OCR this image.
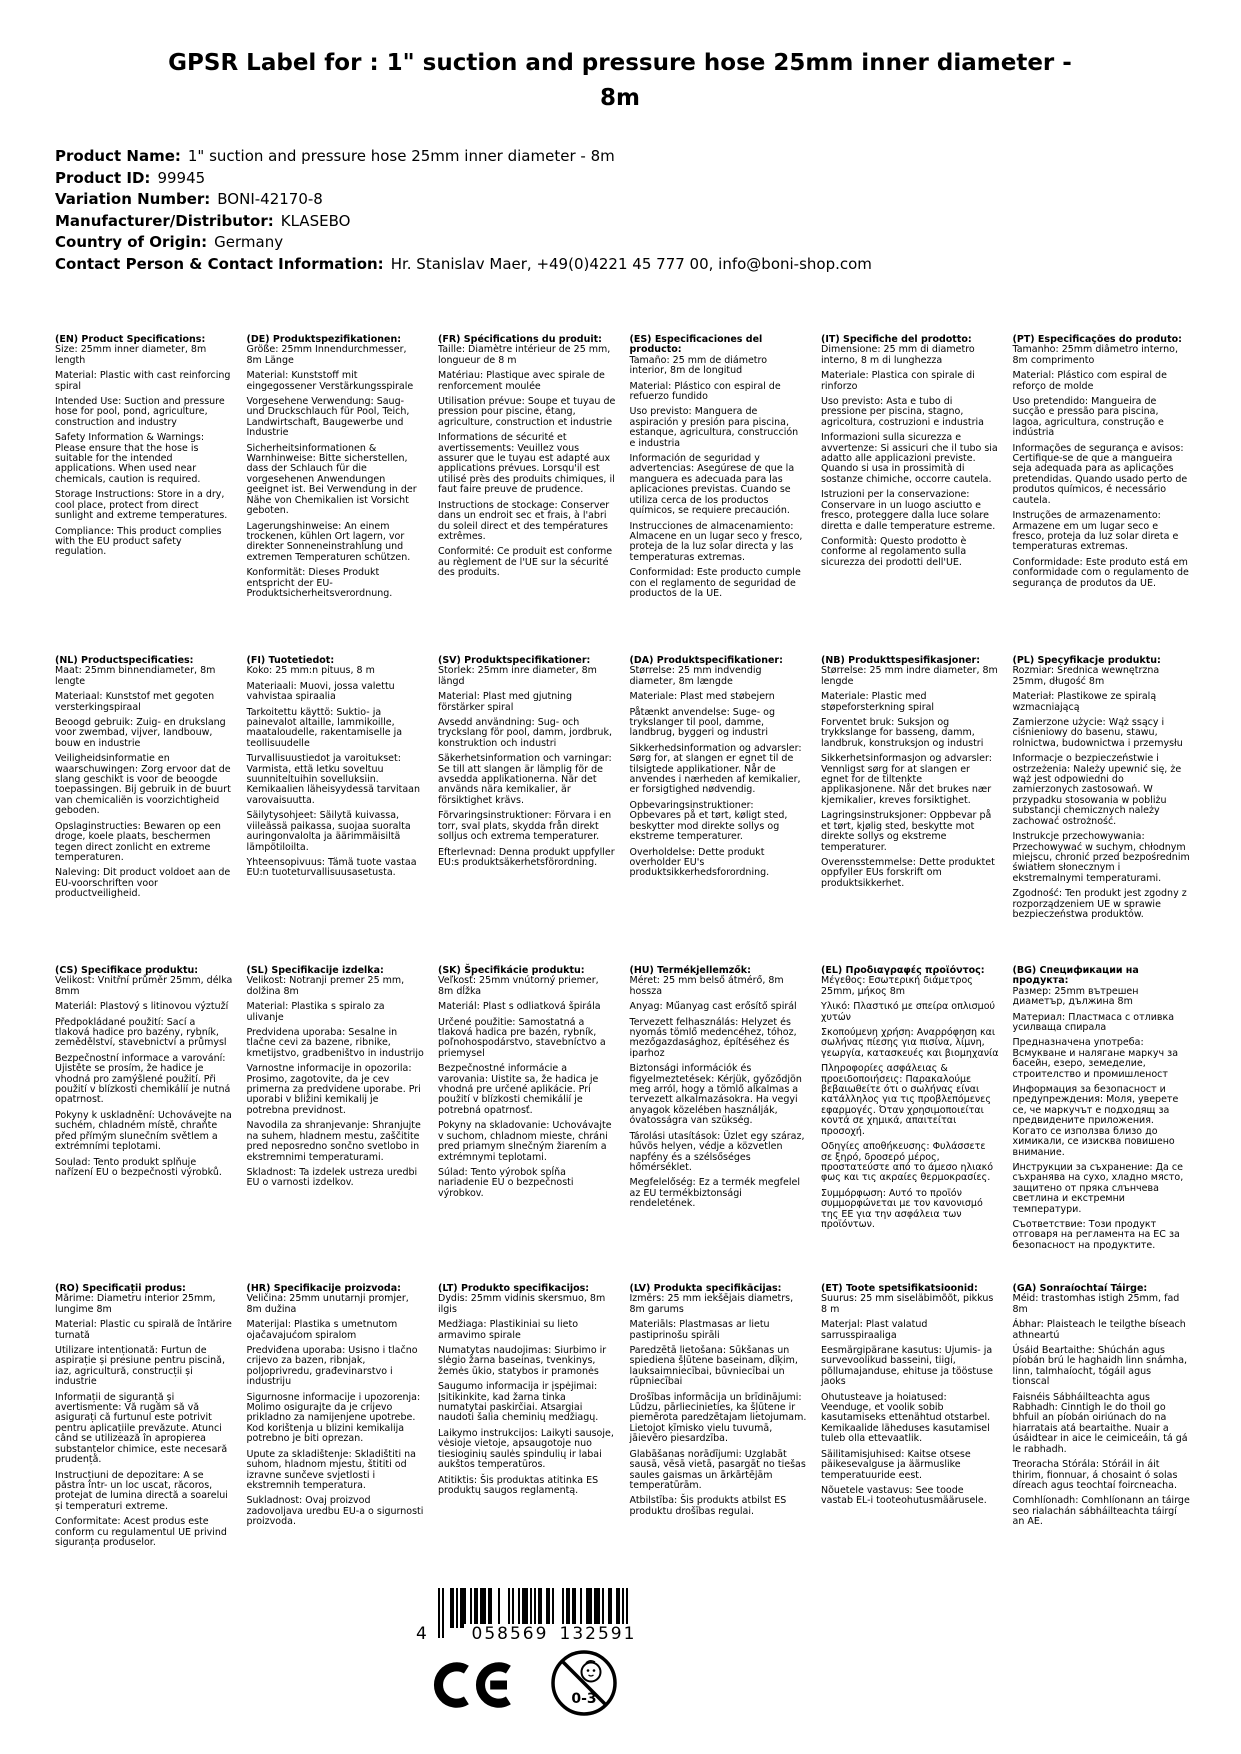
GPSR Label for : 1" suction and pressure hose 25mm inner diameter - 8m
Product Name: 1" suction and pressure hose 25mm inner diameter - 8m
Product ID: 99945
Variation Number: BONI-42170-8
Manufacturer/Distributor: KLASEBO
Country of Origin: Germany
Contact Person & Contact Information: Hr. Stanislav Maer, +49(0)4221 45 777 00, info@boni-shop.com
(EN) Product Specifications:

Size: 25mm inner diameter, 8m length

Material: Plastic with cast reinforcing spiral

Intended Use: Suction and pressure hose for pool, pond, agriculture, construction and industry

Safety Information & Warnings: Please ensure that the hose is suitable for the intended applications. When used near chemicals, caution is required.

Storage Instructions: Store in a dry, cool place, protect from direct sunlight and extreme temperatures.

Compliance: This product complies with the EU product safety regulation.

(DE) Produktspezifikationen:

Größe: 25mm Innendurchmesser, 8m Länge

Material: Kunststoff mit eingegossener Verstärkungsspirale

Vorgesehene Verwendung: Saug- und Druckschlauch für Pool, Teich, Landwirtschaft, Baugewerbe und Industrie

Sicherheitsinformationen & Warnhinweise: Bitte sicherstellen, dass der Schlauch für die vorgesehenen Anwendungen geeignet ist. Bei Verwendung in der Nähe von Chemikalien ist Vorsicht geboten.

Lagerungshinweise: An einem trockenen, kühlen Ort lagern, vor direkter Sonneneinstrahlung und extremen Temperaturen schützen.

Konformität: Dieses Produkt entspricht der EU-Produktsicherheitsverordnung.

(FR) Spécifications du produit:

Taille: Diamètre intérieur de 25 mm, longueur de 8 m

Matériau: Plastique avec spirale de renforcement moulée

Utilisation prévue: Soupe et tuyau de pression pour piscine, étang, agriculture, construction et industrie

Informations de sécurité et avertissements: Veuillez vous assurer que le tuyau est adapté aux applications prévues. Lorsqu'il est utilisé près des produits chimiques, il faut faire preuve de prudence.

Instructions de stockage: Conserver dans un endroit sec et frais, à l'abri du soleil direct et des températures extrêmes.

Conformité: Ce produit est conforme au règlement de l'UE sur la sécurité des produits.

(ES) Especificaciones del producto:

Tamaño: 25 mm de diámetro interior, 8m de longitud

Material: Plástico con espiral de refuerzo fundido

Uso previsto: Manguera de aspiración y presión para piscina, estanque, agricultura, construcción e industria

Información de seguridad y advertencias: Asegúrese de que la manguera es adecuada para las aplicaciones previstas. Cuando se utiliza cerca de los productos químicos, se requiere precaución.

Instrucciones de almacenamiento: Almacene en un lugar seco y fresco, proteja de la luz solar directa y las temperaturas extremas.

Conformidad: Este producto cumple con el reglamento de seguridad de productos de la UE.

(IT) Specifiche del prodotto:

Dimensione: 25 mm di diametro interno, 8 m di lunghezza

Materiale: Plastica con spirale di rinforzo

Uso previsto: Asta e tubo di pressione per piscina, stagno, agricoltura, costruzioni e industria

Informazioni sulla sicurezza e avvertenze: Si assicuri che il tubo sia adatto alle applicazioni previste. Quando si usa in prossimità di sostanze chimiche, occorre cautela.

Istruzioni per la conservazione: Conservare in un luogo asciutto e fresco, proteggere dalla luce solare diretta e dalle temperature estreme.

Conformità: Questo prodotto è conforme al regolamento sulla sicurezza dei prodotti dell'UE.

(PT) Especificações do produto:

Tamanho: 25mm diâmetro interno, 8m comprimento

Material: Plástico com espiral de reforço de molde

Uso pretendido: Mangueira de sucção e pressão para piscina, lagoa, agricultura, construção e indústria

Informações de segurança e avisos: Certifique-se de que a mangueira seja adequada para as aplicações pretendidas. Quando usado perto de produtos químicos, é necessário cautela.

Instruções de armazenamento: Armazene em um lugar seco e fresco, proteja da luz solar direta e temperaturas extremas.

Conformidade: Este produto está em conformidade com o regulamento de segurança de produtos da UE.

(NL) Productspecificaties:

Maat: 25mm binnendiameter, 8m lengte

Materiaal: Kunststof met gegoten versterkingspiraal

Beoogd gebruik: Zuig- en drukslang voor zwembad, vijver, landbouw, bouw en industrie

Veiligheidsinformatie en waarschuwingen: Zorg ervoor dat de slang geschikt is voor de beoogde toepassingen. Bij gebruik in de buurt van chemicaliën is voorzichtigheid geboden.

Opslaginstructies: Bewaren op een droge, koele plaats, beschermen tegen direct zonlicht en extreme temperaturen.

Naleving: Dit product voldoet aan de EU-voorschriften voor productveiligheid.

(FI) Tuotetiedot:

Koko: 25 mm:n pituus, 8 m

Materiaali: Muovi, jossa valettu vahvistaa spiraalia

Tarkoitettu käyttö: Suktio- ja painevalot altaille, lammikoille, maataloudelle, rakentamiselle ja teollisuudelle

Turvallisuustiedot ja varoitukset: Varmista, että letku soveltuu suunniteltuihin sovelluksiin. Kemikaalien läheisyydessä tarvitaan varovaisuutta.

Säilytysohjeet: Säilytä kuivassa, viileässä paikassa, suojaa suoralta auringonvalolta ja äärimmäisiltä lämpötiloilta.

Yhteensopivuus: Tämä tuote vastaa EU:n tuoteturvallisuusasetusta.

(SV) Produktspecifikationer:

Storlek: 25mm inre diameter, 8m längd

Material: Plast med gjutning förstärker spiral

Avsedd användning: Sug- och tryckslang för pool, damm, jordbruk, konstruktion och industri

Säkerhetsinformation och varningar: Se till att slangen är lämplig för de avsedda applikationerna. När det används nära kemikalier, är försiktighet krävs.

Förvaringsinstruktioner: Förvara i en torr, sval plats, skydda från direkt solljus och extrema temperaturer.

Efterlevnad: Denna produkt uppfyller EU:s produktsäkerhetsförordning.

(DA) Produktspecifikationer:

Størrelse: 25 mm indvendig diameter, 8m længde

Materiale: Plast med støbejern

Påtænkt anvendelse: Suge- og trykslanger til pool, damme, landbrug, byggeri og industri

Sikkerhedsinformation og advarsler: Sørg for, at slangen er egnet til de tilsigtede applikationer. Når de anvendes i nærheden af kemikalier, er forsigtighed nødvendig.

Opbevaringsinstruktioner: Opbevares på et tørt, køligt sted, beskytter mod direkte sollys og ekstreme temperaturer.

Overholdelse: Dette produkt overholder EU's produktsikkerhedsforordning.

(NB) Produkttspesifikasjoner:

Størrelse: 25 mm indre diameter, 8m lengde

Materiale: Plastic med støpeforsterkning spiral

Forventet bruk: Suksjon og trykkslange for basseng, damm, landbruk, konstruksjon og industri

Sikkerhetsinformasjon og advarsler: Vennligst sørg for at slangen er egnet for de tiltenkte applikasjonene. Når det brukes nær kjemikalier, kreves forsiktighet.

Lagringsinstruksjoner: Oppbevar på et tørt, kjølig sted, beskytte mot direkte sollys og ekstreme temperaturer.

Overensstemmelse: Dette produktet oppfyller EUs forskrift om produktsikkerhet.

(PL) Specyfikacje produktu:

Rozmiar: Średnica wewnętrzna 25mm, długość 8m

Materiał: Plastikowe ze spiralą wzmacniającą

Zamierzone użycie: Wąż ssący i ciśnieniowy do basenu, stawu, rolnictwa, budownictwa i przemysłu

Informacje o bezpieczeństwie i ostrzeżenia: Należy upewnić się, że wąż jest odpowiedni do zamierzonych zastosowań. W przypadku stosowania w pobliżu substancji chemicznych należy zachować ostrożność.

Instrukcje przechowywania: Przechowywać w suchym, chłodnym miejscu, chronić przed bezpośrednim światłem słonecznym i ekstremalnymi temperaturami.

Zgodność: Ten produkt jest zgodny z rozporządzeniem UE w sprawie bezpieczeństwa produktów.

(CS) Specifikace produktu:

Velikost: Vnitřní průměr 25mm, délka 8mm

Materiál: Plastový s litinovou výztuží

Předpokládané použití: Sací a tlaková hadice pro bazény, rybník, zemědělství, stavebnictví a průmysl

Bezpečnostní informace a varování: Ujistěte se prosím, že hadice je vhodná pro zamýšlené použití. Při použití v blízkosti chemikálií je nutná opatrnost.

Pokyny k uskladnění: Uchovávejte na suchém, chladném místě, chraňte před přímým slunečním světlem a extrémními teplotami.

Soulad: Tento produkt splňuje nařízení EU o bezpečnosti výrobků.

(SL) Specifikacije izdelka:

Velikost: Notranji premer 25 mm, dolžina 8m

Material: Plastika s spiralo za ulivanje

Predvidena uporaba: Sesalne in tlačne cevi za bazene, ribnike, kmetijstvo, gradbeništvo in industrijo

Varnostne informacije in opozorila: Prosimo, zagotovite, da je cev primerna za predvidene uporabe. Pri uporabi v bližini kemikalij je potrebna previdnost.

Navodila za shranjevanje: Shranjujte na suhem, hladnem mestu, zaščitite pred neposredno sončno svetlobo in ekstremnimi temperaturami.

Skladnost: Ta izdelek ustreza uredbi EU o varnosti izdelkov.

(SK) Špecifikácie produktu:

Veľkosť: 25mm vnútorný priemer, 8m dĺžka

Materiál: Plast s odliatková špirála

Určené použitie: Samostatná a tlaková hadica pre bazén, rybník, poľnohospodárstvo, stavebníctvo a priemysel

Bezpečnostné informácie a varovania: Uistite sa, že hadica je vhodná pre určené aplikácie. Pri použití v blízkosti chemikálií je potrebná opatrnosť.

Pokyny na skladovanie: Uchovávajte v suchom, chladnom mieste, chráni pred priamym slnečným žiarením a extrémnymi teplotami.

Súlad: Tento výrobok spĺňa nariadenie EÚ o bezpečnosti výrobkov.

(HU) Termékjellemzők:

Méret: 25 mm belső átmérő, 8m hossza

Anyag: Műanyag cast erősítő spirál

Tervezett felhasználás: Helyzet és nyomás tömlő medencéhez, tóhoz, mezőgazdasághoz, építéséhez és iparhoz

Biztonsági információk és figyelmeztetések: Kérjük, győződjön meg arról, hogy a tömlő alkalmas a tervezett alkalmazásokra. Ha vegyi anyagok közelében használják, óvatosságra van szükség.

Tárolási utasítások: Üzlet egy száraz, hűvös helyen, védje a közvetlen napfény és a szélsőséges hőmérséklet.

Megfelelőség: Ez a termék megfelel az EU termékbiztonsági rendeletének.

(EL) Προδιαγραφές προϊόντος:

Μέγεθος: Εσωτερική διάμετρος 25mm, μήκος 8m

Υλικό: Πλαστικό με σπείρα οπλισμού χυτών

Σκοπούμενη χρήση: Αναρρόφηση και σωλήνας πίεσης για πισίνα, λίμνη, γεωργία, κατασκευές και βιομηχανία

Πληροφορίες ασφάλειας & προειδοποιήσεις: Παρακαλούμε βεβαιωθείτε ότι ο σωλήνας είναι κατάλληλος για τις προβλεπόμενες εφαρμογές. Όταν χρησιμοποιείται κοντά σε χημικά, απαιτείται προσοχή.

Οδηγίες αποθήκευσης: Φυλάσσετε σε ξηρό, δροσερό μέρος, προστατεύστε από το άμεσο ηλιακό φως και τις ακραίες θερμοκρασίες.

Συμμόρφωση: Αυτό το προϊόν συμμορφώνεται με τον κανονισμό της ΕΕ για την ασφάλεια των προϊόντων.

(BG) Спецификации на продукта:

Размер: 25mm вътрешен диаметър, дължина 8m

Материал: Пластмаса с отливка усилваща спирала

Предназначена употреба: Всмукване и налягане маркуч за басейн, езеро, земеделие, строителство и промишленост

Информация за безопасност и предупреждения: Моля, уверете се, че маркучът е подходящ за предвидените приложения. Когато се използва близо до химикали, се изисква повишено внимание.

Инструкции за съхранение: Да се съхранява на сухо, хладно място, защитено от пряка слънчева светлина и екстремни температури.

Съответствие: Този продукт отговаря на регламента на ЕС за безопасност на продуктите.

(RO) Specificații produs:

Mărime: Diametru interior 25mm, lungime 8m

Material: Plastic cu spirală de întărire turnată

Utilizare intenționată: Furtun de aspirație și presiune pentru piscină, iaz, agricultură, construcții și industrie

Informații de siguranță și avertismente: Vă rugăm să vă asigurați că furtunul este potrivit pentru aplicațiile prevăzute. Atunci când se utilizează în apropierea substanțelor chimice, este necesară prudență.

Instrucțiuni de depozitare: A se păstra într- un loc uscat, răcoros, protejat de lumina directă a soarelui și temperaturi extreme.

Conformitate: Acest produs este conform cu regulamentul UE privind siguranța produselor.

(HR) Specifikacije proizvoda:

Veličina: 25mm unutarnji promjer, 8m dužina

Materijal: Plastika s umetnutom ojačavajućom spiralom

Predviđena uporaba: Usisno i tlačno crijevo za bazen, ribnjak, poljoprivredu, građevinarstvo i industriju

Sigurnosne informacije i upozorenja: Molimo osigurajte da je crijevo prikladno za namijenjene upotrebe. Kod korištenja u blizini kemikalija potrebno je biti oprezan.

Upute za skladištenje: Skladištiti na suhom, hladnom mjestu, štititi od izravne sunčeve svjetlosti i ekstremnih temperatura.

Sukladnost: Ovaj proizvod zadovoljava uredbu EU-a o sigurnosti proizvoda.

(LT) Produkto specifikacijos:

Dydis: 25mm vidinis skersmuo, 8m ilgis

Medžiaga: Plastikiniai su lieto armavimo spirale

Numatytas naudojimas: Siurbimo ir slėgio žarna baseinas, tvenkinys, žemės ūkio, statybos ir pramonės

Saugumo informacija ir įspėjimai: Įsitikinkite, kad žarna tinka numatytai paskirčiai. Atsargiai naudoti šalia cheminių medžiagų.

Laikymo instrukcijos: Laikyti sausoje, vėsioje vietoje, apsaugotoje nuo tiesioginių saulės spindulių ir labai aukštos temperatūros.

Atitiktis: Šis produktas atitinka ES produktų saugos reglamentą.

(LV) Produkta specifikācijas:

Izmērs: 25 mm iekšējais diametrs, 8m garums

Materiāls: Plastmasas ar lietu pastiprinošu spirāli

Paredzētā lietošana: Sūkšanas un spiediena šļūtene baseinam, dīķim, lauksaimniecībai, būvniecībai un rūpniecībai

Drošības informācija un brīdinājumi: Lūdzu, pārliecinieties, ka šļūtene ir piemērota paredzētajam lietojumam. Lietojot ķīmisko vielu tuvumā, jāievēro piesardzība.

Glabāšanas norādījumi: Uzglabāt sausā, vēsā vietā, pasargāt no tiešas saules gaismas un ārkārtējām temperatūrām.

Atbilstība: Šis produkts atbilst ES produktu drošības regulai.

(ET) Toote spetsifikatsioonid:

Suurus: 25 mm siseläbimõõt, pikkus 8 m

Materjal: Plast valatud sarrusspiraaliga

Eesmärgipärane kasutus: Ujumis- ja survevoolikud basseini, tiigi, põllumajanduse, ehituse ja tööstuse jaoks

Ohutusteave ja hoiatused: Veenduge, et voolik sobib kasutamiseks ettenähtud otstarbel. Kemikaalide läheduses kasutamisel tuleb olla ettevaatlik.

Säilitamisjuhised: Kaitse otsese päikesevalguse ja äärmuslike temperatuuride eest.

Nõuetele vastavus: See toode vastab EL-i tooteohutusmäärusele.

(GA) Sonraíochtaí Táirge:

Méid: trastomhas istigh 25mm, fad 8m

Ábhar: Plaisteach le teilgthe bíseach athneartú

Úsáid Beartaithe: Shúchán agus píobán brú le haghaidh linn snámha, linn, talmhaíocht, tógáil agus tionscal

Faisnéis Sábháilteachta agus Rabhadh: Cinntigh le do thoil go bhfuil an píobán oiriúnach do na hiarratais atá beartaithe. Nuair a úsáidtear in aice le ceimiceáin, tá gá le rabhadh.

Treoracha Stórála: Stóráil in áit thirim, fionnuar, á chosaint ó solas díreach agus teochtaí foircneacha.

Comhlíonadh: Comhlíonann an táirge seo rialachán sábháilteachta táirgí an AE.

4	058569 132591
0-3
